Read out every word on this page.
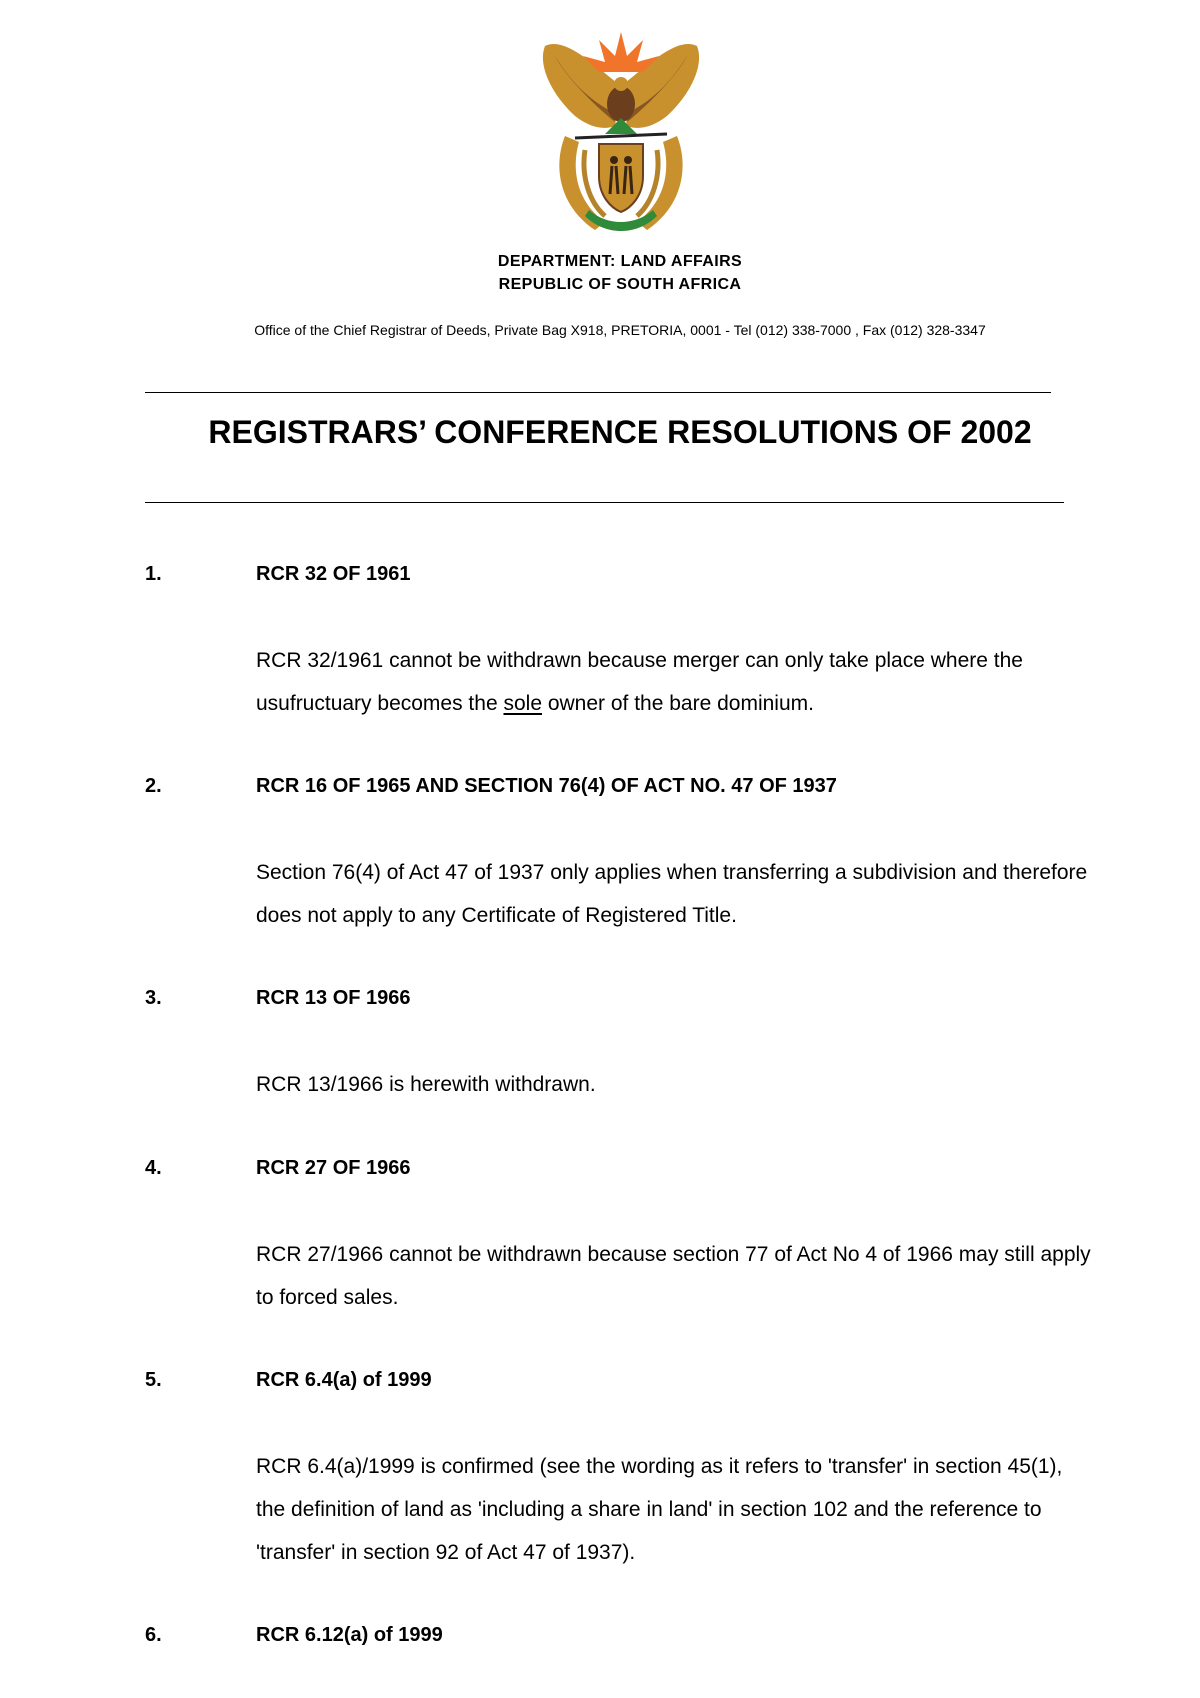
DEPARTMENT: LAND AFFAIRS
REPUBLIC OF SOUTH AFRICA
Office of the Chief Registrar of Deeds, Private Bag X918, PRETORIA, 0001 - Tel (012) 338-7000 , Fax (012) 328-3347
REGISTRARS’ CONFERENCE RESOLUTIONS OF 2002
1.	RCR 32 OF 1961
RCR 32/1961 cannot be withdrawn because merger can only take place where the usufructuary becomes the sole owner of the bare dominium.
2.	RCR 16 OF 1965 AND SECTION 76(4) OF ACT NO. 47 OF 1937
Section 76(4) of Act 47 of 1937 only applies when transferring a subdivision and therefore does not apply to any Certificate of Registered Title.
3.	RCR 13 OF 1966
RCR 13/1966 is herewith withdrawn.
4.	RCR 27 OF 1966
RCR 27/1966 cannot be withdrawn because section 77 of Act No 4 of 1966 may still apply to forced sales.
5.	RCR 6.4(a) of 1999
RCR 6.4(a)/1999 is confirmed (see the wording as it refers to 'transfer' in section 45(1), the definition of land as 'including a share in land' in section 102 and the reference to 'transfer' in section 92 of Act 47 of 1937).
6.	RCR 6.12(a) of 1999
